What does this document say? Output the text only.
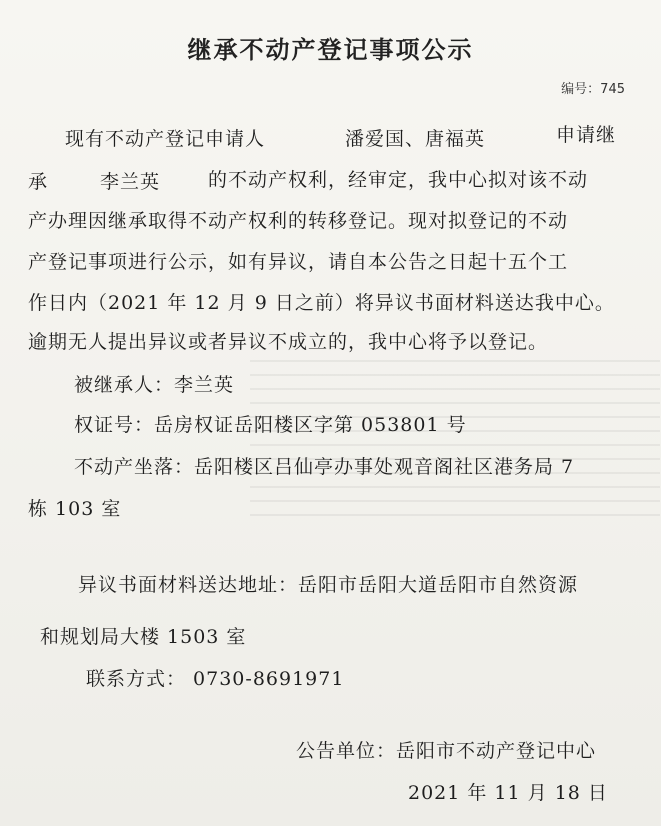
继承不动产登记事项公示
编号：745
现有不动产登记申请人	潘爱国、唐福英	申请继
承	李兰英	的不动产权利，经审定，我中心拟对该不动
产办理因继承取得不动产权利的转移登记。现对拟登记的不动
产登记事项进行公示，如有异议，请自本公告之日起十五个工
作日内（2021 年 12 月 9 日之前）将异议书面材料送达我中心。
逾期无人提出异议或者异议不成立的，我中心将予以登记。
被继承人：李兰英
权证号：岳房权证岳阳楼区字第 053801 号
不动产坐落：岳阳楼区吕仙亭办事处观音阁社区港务局 7
栋 103 室
异议书面材料送达地址：岳阳市岳阳大道岳阳市自然资源
和规划局大楼 1503 室
联系方式： 0730-8691971
公告单位：岳阳市不动产登记中心
2021 年 11 月 18 日
